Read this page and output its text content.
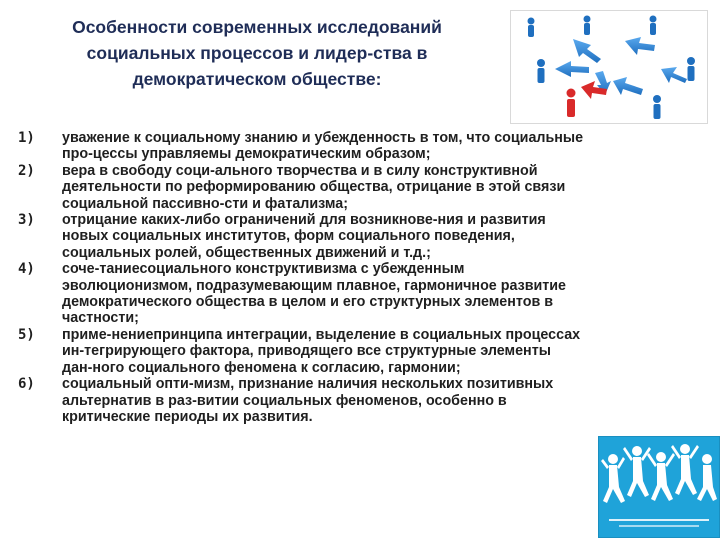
Особенности современных исследований
социальных процессов и лидер-ства в
демократическом обществе:
1) уважение к социальному знанию и убежденность в том, что социальные
про-цессы управляемы демократическим образом;
2) вера в свободу соци-ального творчества и в силу конструктивной
деятельности по реформированию общества, отрицание в этой связи
социальной пассивно-сти и фатализма;
3) отрицание каких-либо ограничений для возникнове-ния и развития
новых социальных институтов, форм социального поведения,
социальных ролей, общественных движений и т.д.;
4) соче-таниесоциального конструктивизма с убежденным
эволюционизмом, подразумевающим плавное, гармоничное развитие
демократического общества в целом и его структурных элементов в
частности;
5) приме-нениепринципа интеграции, выделение в социальных процессах
ин-тегрирующего фактора, приводящего все структурные элементы
дан-ного социального феномена к согласию, гармонии;
6) социальный опти-мизм, признание наличия нескольких позитивных
альтернатив в раз-витии социальных феноменов, особенно в
критические периоды их развития.
